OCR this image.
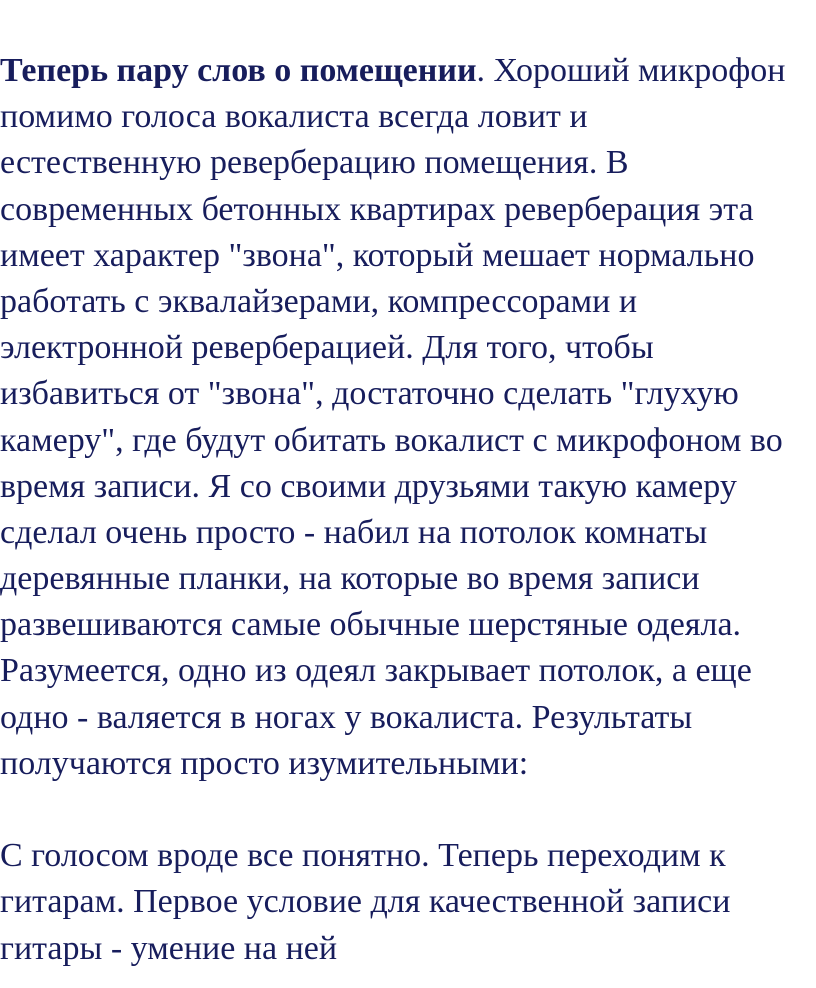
Теперь пару слов о помещении. Хороший микрофон
помимо голоса вокалиста всегда ловит и
естественную реверберацию помещения. В
современных бетонных квартирах реверберация эта
имеет характер "звона", который мешает нормально
работать с эквалайзерами, компрессорами и
электронной реверберацией. Для того, чтобы
избавиться от "звона", достаточно сделать "глухую
камеру", где будут обитать вокалист с микрофоном во
время записи. Я со своими друзьями такую камеру
сделал очень просто - набил на потолок комнаты
деревянные планки, на которые во время записи
развешиваются самые обычные шерстяные одеяла.
Разумеется, одно из одеял закрывает потолок, а еще
одно - валяется в ногах у вокалиста. Результаты
получаются просто изумительными:
С голосом вроде все понятно. Теперь переходим к
гитарам. Первое условие для качественной записи
гитары - умение на ней
